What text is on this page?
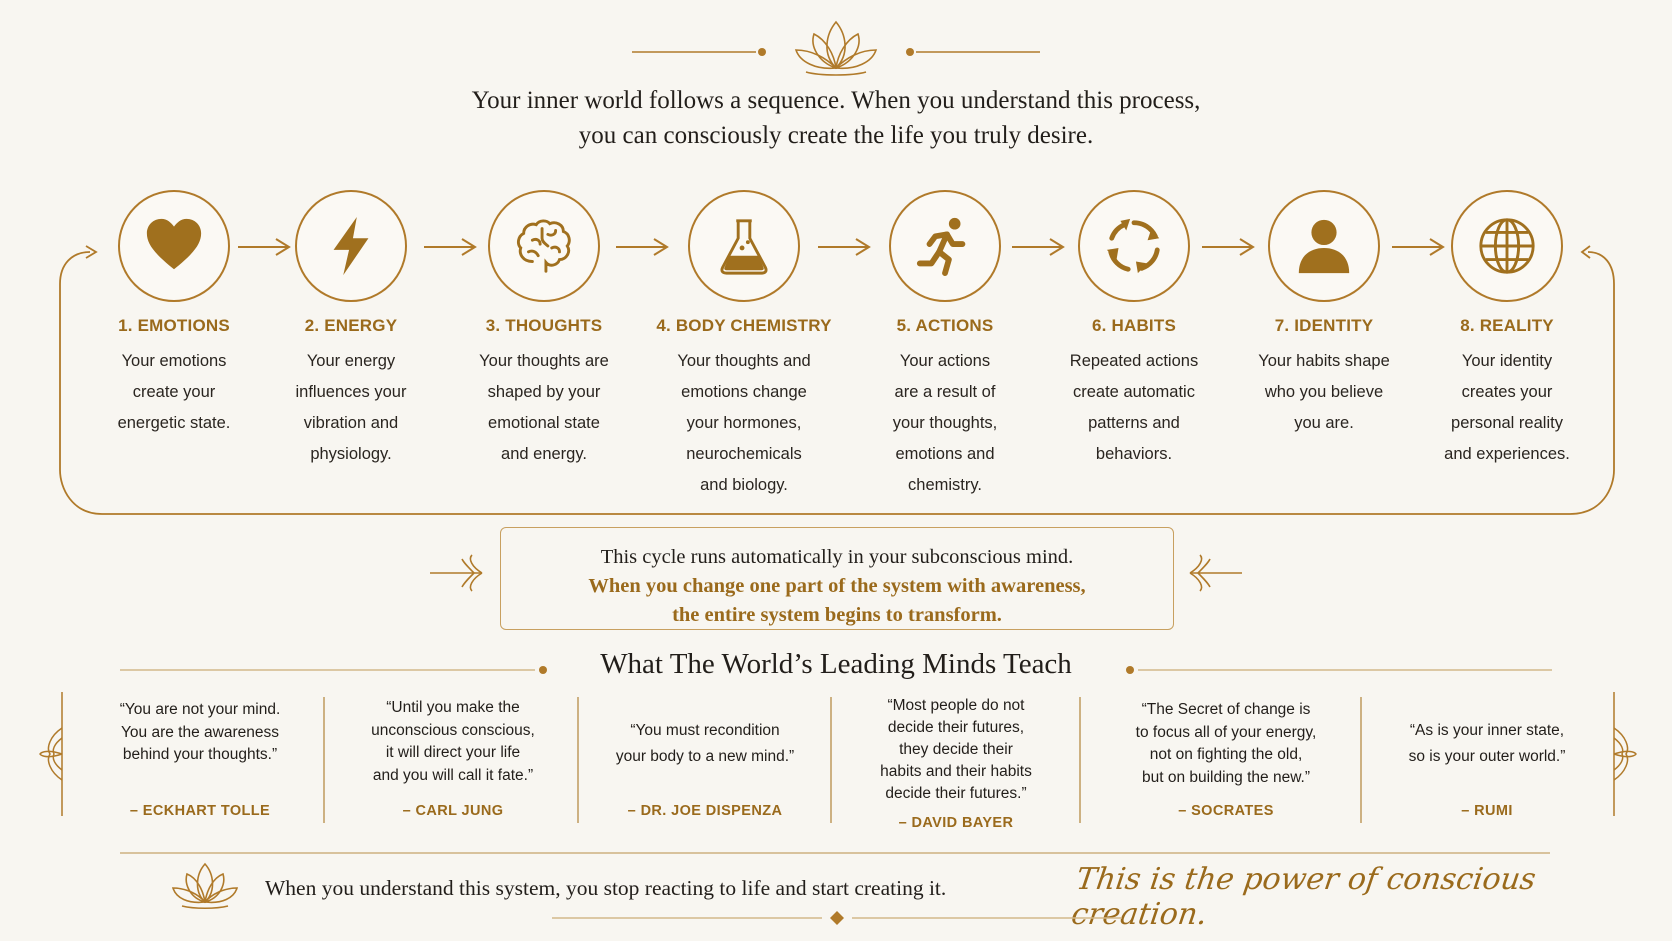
Your inner world follows a sequence. When you understand this process,
you can consciously create the life you truly desire.
1. EMOTIONS
Your emotions
create your
energetic state.
2. ENERGY
Your energy
influences your
vibration and
physiology.
3. THOUGHTS
Your thoughts are
shaped by your
emotional state
and energy.
4. BODY CHEMISTRY
Your thoughts and
emotions change
your hormones,
neurochemicals
and biology.
5. ACTIONS
Your actions
are a result of
your thoughts,
emotions and
chemistry.
6. HABITS
Repeated actions
create automatic
patterns and
behaviors.
7. IDENTITY
Your habits shape
who you believe
you are.
8. REALITY
Your identity
creates your
personal reality
and experiences.
This cycle runs automatically in your subconscious mind.
When you change one part of the system with awareness,
the entire system begins to transform.
What The World’s Leading Minds Teach
“You are not your mind.
You are the awareness
behind your thoughts.”
– ECKHART TOLLE
“Until you make the
unconscious conscious,
it will direct your life
and you will call it fate.”
– CARL JUNG
“You must recondition
your body to a new mind.”
– DR. JOE DISPENZA
“Most people do not
decide their futures,
they decide their
habits and their habits
decide their futures.”
– DAVID BAYER
“The Secret of change is
to focus all of your energy,
not on fighting the old,
but on building the new.”
– SOCRATES
“As is your inner state,
so is your outer world.”
– RUMI
When you understand this system, you stop reacting to life and start creating it.	This is the power of conscious creation.
